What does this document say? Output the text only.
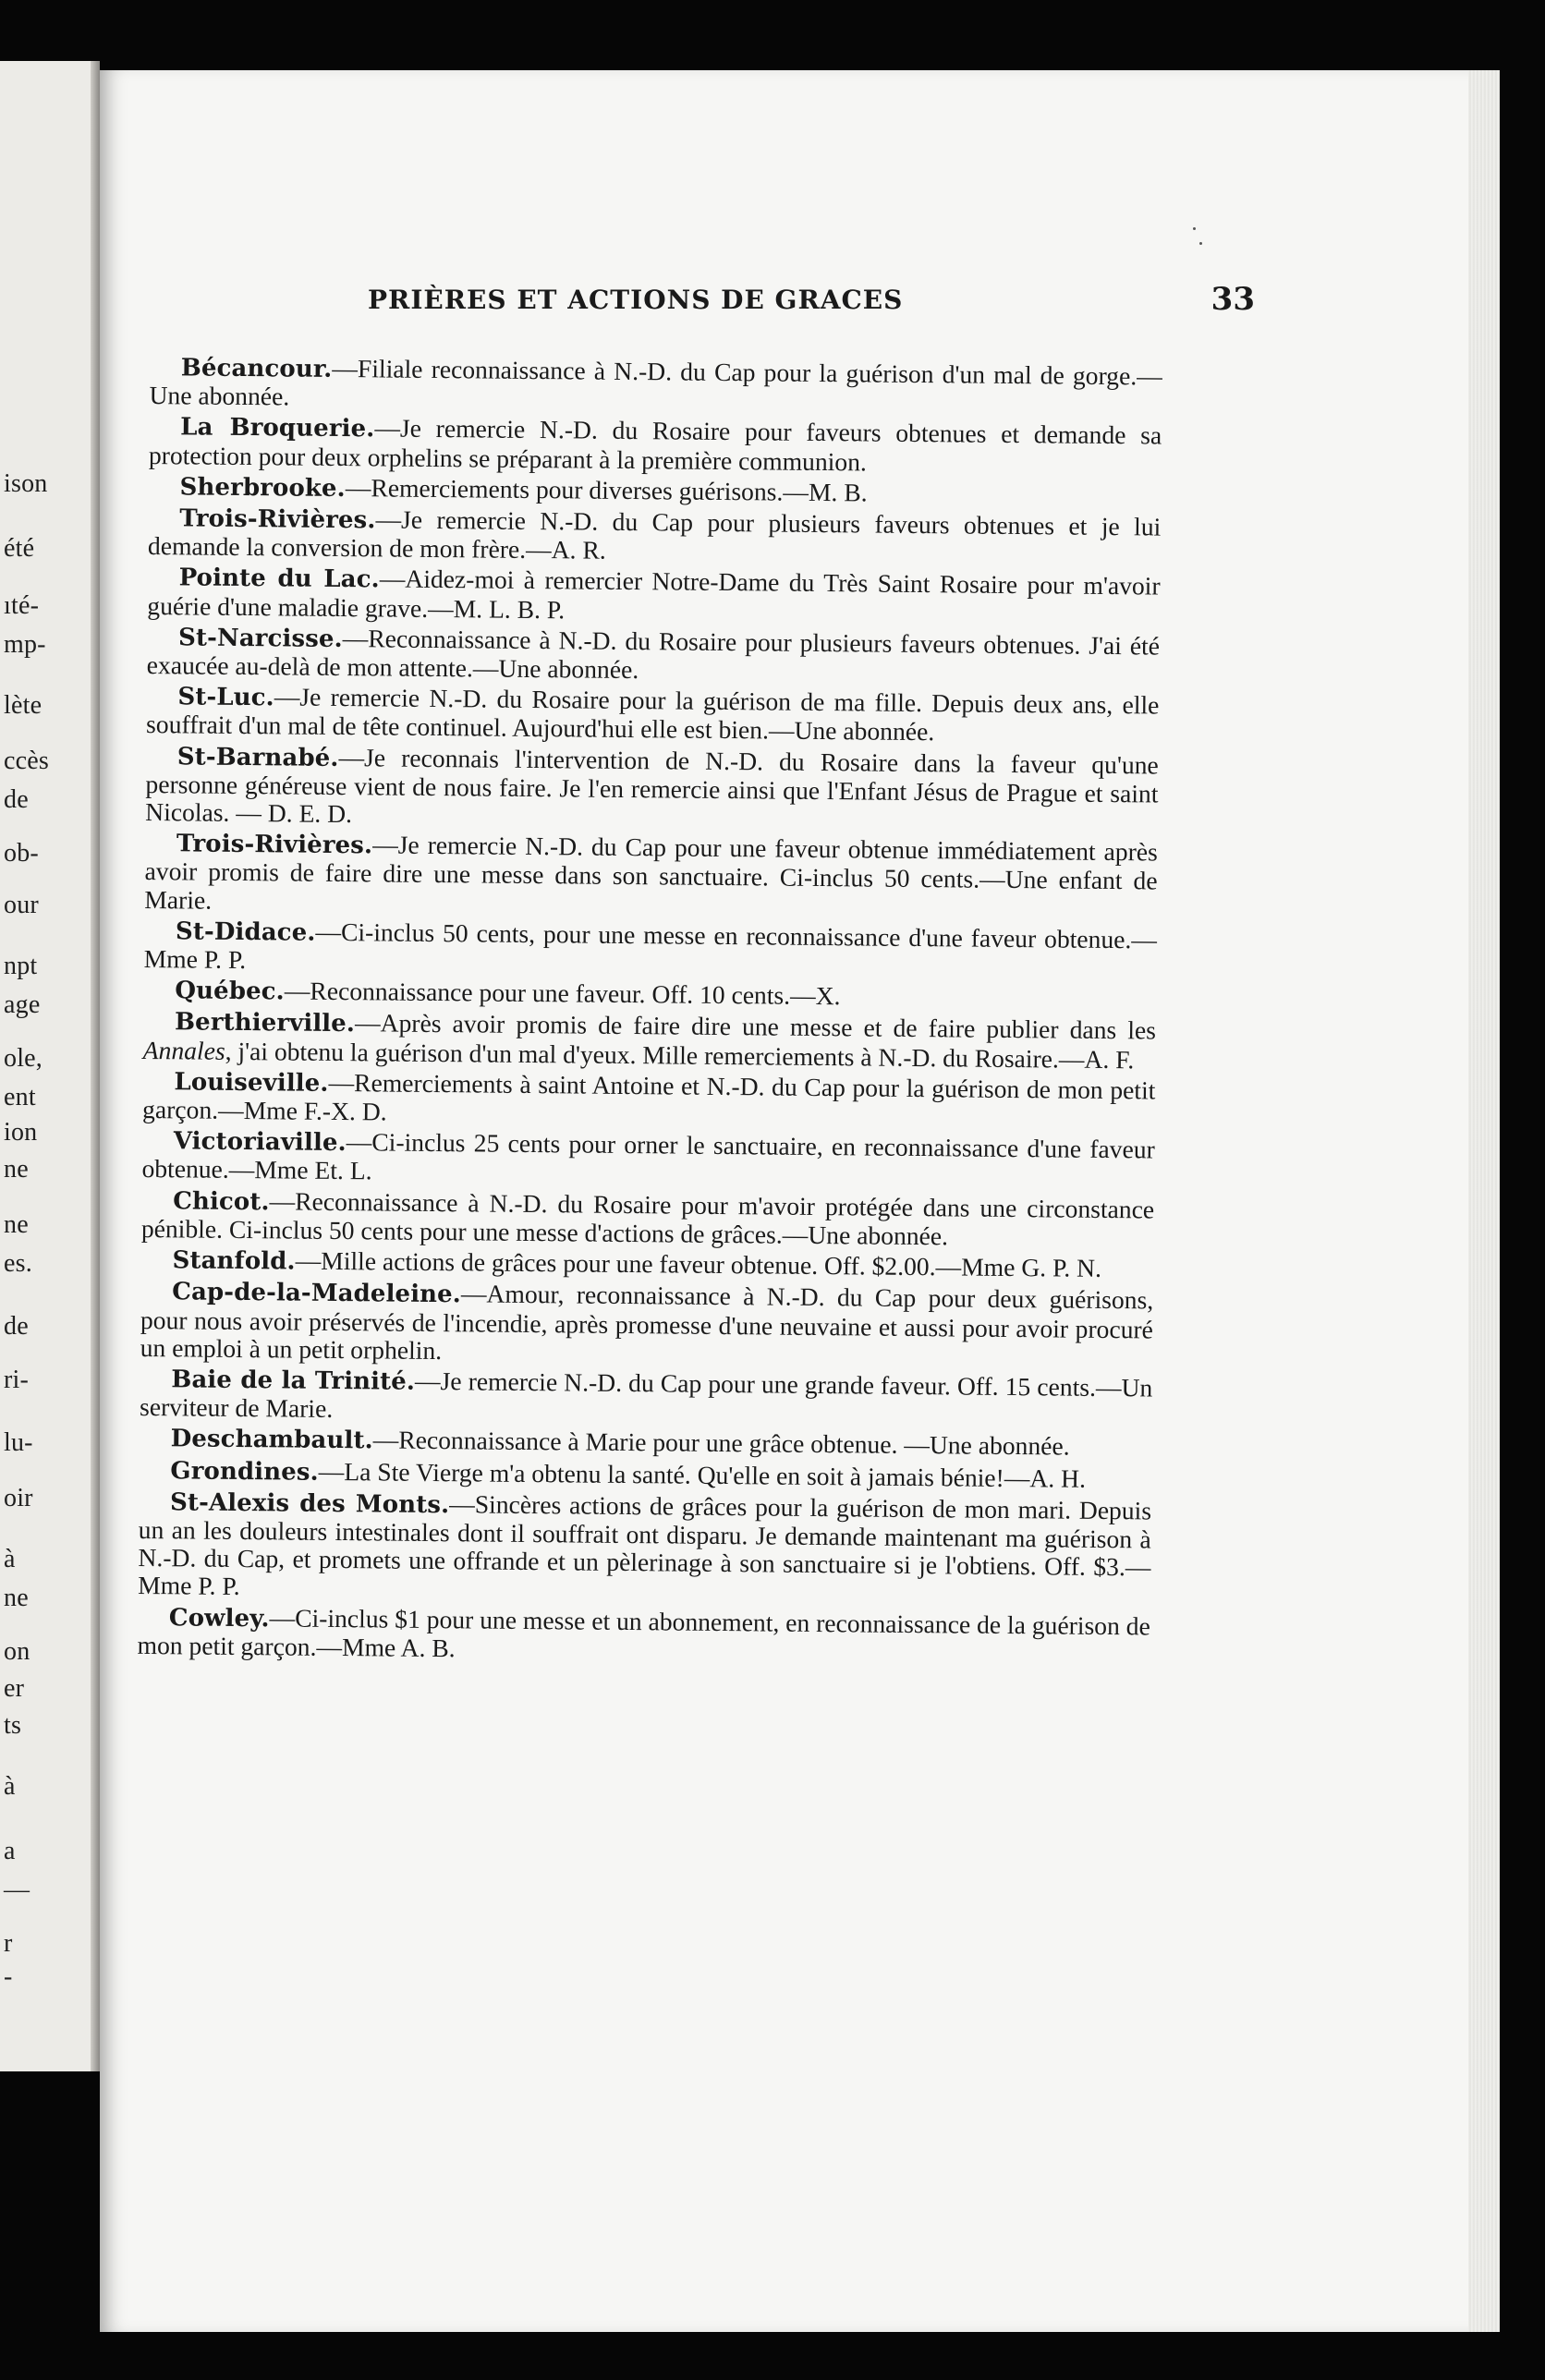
ison
été
ıté-
mp-
lète
ccès
de
ob-
our
npt
age
ole,
ent
ion
ne
ne
es.
de
ri-
lu-
oir
à
ne
on
er
ts
à
a
—
r
-
PRIÈRES ET ACTIONS DE GRACES	33

Bécancour.—Filiale reconnaissance à N.-D. du Cap pour la guérison d'un mal de gorge.—Une abonnée.

La Broquerie.—Je remercie N.-D. du Rosaire pour faveurs obtenues et demande sa protection pour deux orphelins se préparant à la première communion.

Sherbrooke.—Remerciements pour diverses guérisons.—M. B.

Trois-Rivières.—Je remercie N.-D. du Cap pour plusieurs faveurs obtenues et je lui demande la conversion de mon frère.—A. R.

Pointe du Lac.—Aidez-moi à remercier Notre-Dame du Très Saint Rosaire pour m'avoir guérie d'une maladie grave.—M. L. B. P.

St-Narcisse.—Reconnaissance à N.-D. du Rosaire pour plusieurs faveurs obtenues. J'ai été exaucée au-delà de mon attente.—Une abonnée.

St-Luc.—Je remercie N.-D. du Rosaire pour la guérison de ma fille. Depuis deux ans, elle souffrait d'un mal de tête continuel. Aujourd'hui elle est bien.—Une abonnée.

St-Barnabé.—Je reconnais l'intervention de N.-D. du Rosaire dans la faveur qu'une personne généreuse vient de nous faire. Je l'en remercie ainsi que l'Enfant Jésus de Prague et saint Nicolas. — D. E. D.

Trois-Rivières.—Je remercie N.-D. du Cap pour une faveur obtenue immédiatement après avoir promis de faire dire une messe dans son sanctuaire. Ci-inclus 50 cents.—Une enfant de Marie.

St-Didace.—Ci-inclus 50 cents, pour une messe en reconnaissance d'une faveur obtenue.—Mme P. P.

Québec.—Reconnaissance pour une faveur. Off. 10 cents.—X.

Berthierville.—Après avoir promis de faire dire une messe et de faire publier dans les Annales, j'ai obtenu la guérison d'un mal d'yeux. Mille remerciements à N.-D. du Rosaire.—A. F.

Louiseville.—Remerciements à saint Antoine et N.-D. du Cap pour la guérison de mon petit garçon.—Mme F.-X. D.

Victoriaville.—Ci-inclus 25 cents pour orner le sanctuaire, en reconnaissance d'une faveur obtenue.—Mme Et. L.

Chicot.—Reconnaissance à N.-D. du Rosaire pour m'avoir protégée dans une circonstance pénible. Ci-inclus 50 cents pour une messe d'actions de grâces.—Une abonnée.

Stanfold.—Mille actions de grâces pour une faveur obtenue. Off. $2.00.—Mme G. P. N.

Cap-de-la-Madeleine.—Amour, reconnaissance à N.-D. du Cap pour deux guérisons, pour nous avoir préservés de l'incendie, après promesse d'une neuvaine et aussi pour avoir procuré un emploi à un petit orphelin.

Baie de la Trinité.—Je remercie N.-D. du Cap pour une grande faveur. Off. 15 cents.—Un serviteur de Marie.

Deschambault.—Reconnaissance à Marie pour une grâce obtenue. —Une abonnée.

Grondines.—La Ste Vierge m'a obtenu la santé. Qu'elle en soit à jamais bénie!—A. H.

St-Alexis des Monts.—Sincères actions de grâces pour la guérison de mon mari. Depuis un an les douleurs intestinales dont il souffrait ont disparu. Je demande maintenant ma guérison à N.-D. du Cap, et promets une offrande et un pèlerinage à son sanctuaire si je l'obtiens. Off. $3.—Mme P. P.

Cowley.—Ci-inclus $1 pour une messe et un abonnement, en reconnaissance de la guérison de mon petit garçon.—Mme A. B.
